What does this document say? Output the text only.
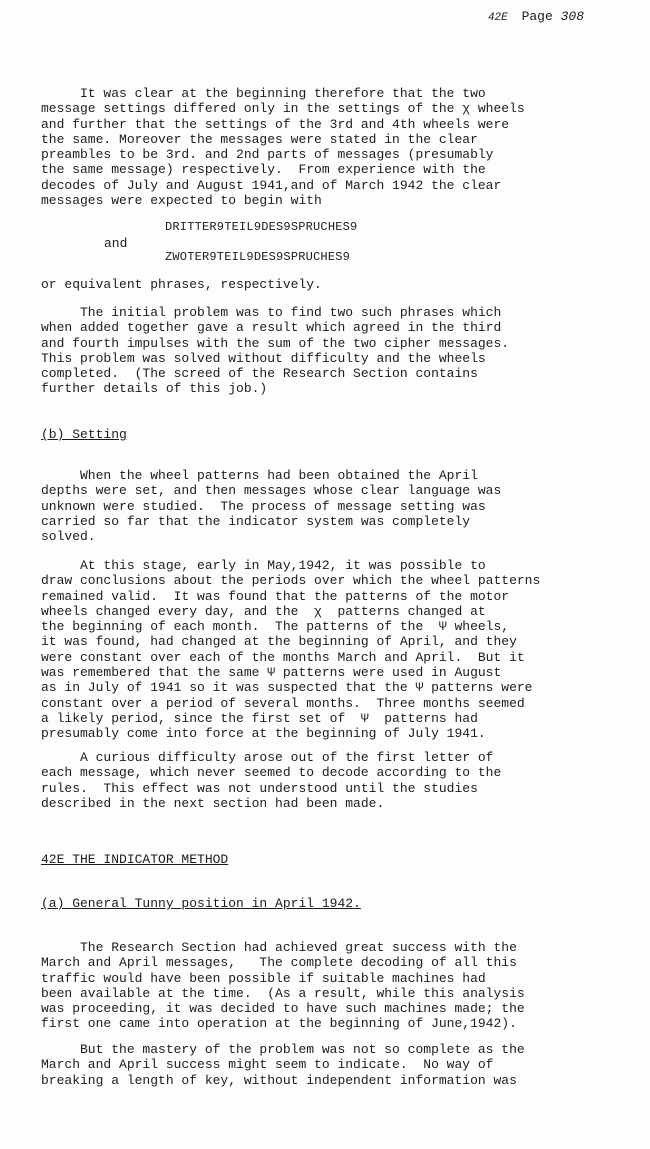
42E Page 308
It was clear at the beginning therefore that the two
message settings differed only in the settings of the χ wheels
and further that the settings of the 3rd and 4th wheels were
the same. Moreover the messages were stated in the clear
preambles to be 3rd. and 2nd parts of messages (presumably
the same message) respectively.  From experience with the
decodes of July and August 1941,and of March 1942 the clear
messages were expected to begin with
DRITTER9TEIL9DES9SPRUCHES9
and
ZWOTER9TEIL9DES9SPRUCHES9
or equivalent phrases, respectively.
The initial problem was to find two such phrases which
when added together gave a result which agreed in the third
and fourth impulses with the sum of the two cipher messages.
This problem was solved without difficulty and the wheels
completed.  (The screed of the Research Section contains
further details of this job.)
(b) Setting
When the wheel patterns had been obtained the April
depths were set, and then messages whose clear language was
unknown were studied.  The process of message setting was
carried so far that the indicator system was completely
solved.
At this stage, early in May,1942, it was possible to
draw conclusions about the periods over which the wheel patterns
remained valid.  It was found that the patterns of the motor
wheels changed every day, and the  χ  patterns changed at
the beginning of each month.  The patterns of the  Ψ wheels,
it was found, had changed at the beginning of April, and they
were constant over each of the months March and April.  But it
was remembered that the same Ψ patterns were used in August
as in July of 1941 so it was suspected that the Ψ patterns were
constant over a period of several months.  Three months seemed
a likely period, since the first set of  Ψ  patterns had
presumably come into force at the beginning of July 1941.
A curious difficulty arose out of the first letter of
each message, which never seemed to decode according to the
rules.  This effect was not understood until the studies
described in the next section had been made.
42E THE INDICATOR METHOD
(a) General Tunny position in April 1942.
The Research Section had achieved great success with the
March and April messages,   The complete decoding of all this
traffic would have been possible if suitable machines had
been available at the time.  (As a result, while this analysis
was proceeding, it was decided to have such machines made; the
first one came into operation at the beginning of June,1942).
But the mastery of the problem was not so complete as the
March and April success might seem to indicate.  No way of
breaking a length of key, without independent information was
